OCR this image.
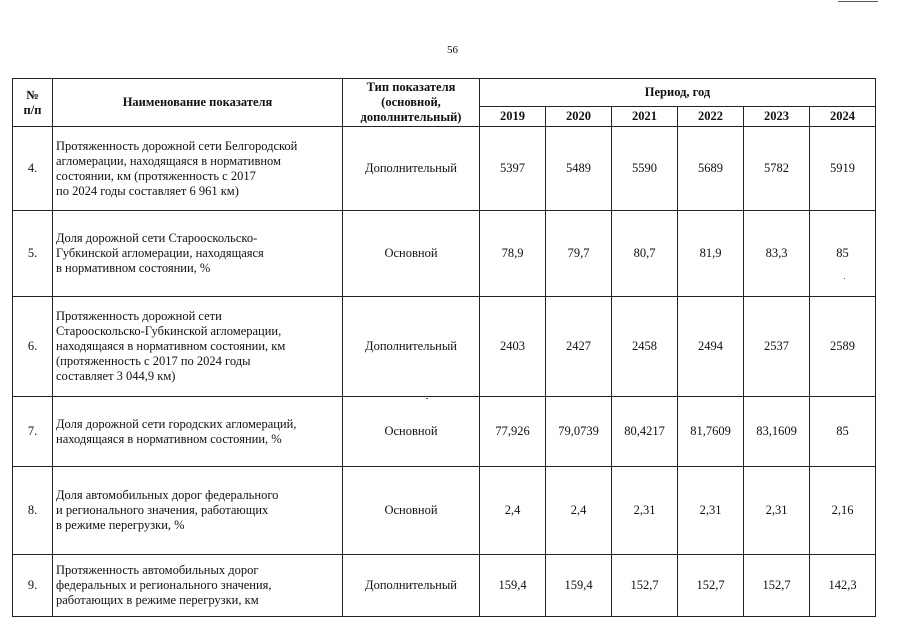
56
№
п/п	Наименование показателя	Тип показателя
(основной,
дополнительный)	Период, год					
			2019	2020	2021	2022	2023	2024
4.	Протяженность дорожной сети Белгородской
агломерации, находящаяся в нормативном
состоянии, км (протяженность с 2017
по 2024 годы составляет 6 961 км)	Дополнительный	5397	5489	5590	5689	5782	5919
5.	Доля дорожной сети Старооскольско-
Губкинской агломерации, находящаяся
в нормативном состоянии, %	Основной	78,9	79,7	80,7	81,9	83,3	85
6.	Протяженность дорожной сети
Старооскольско-Губкинской агломерации,
находящаяся в нормативном состоянии, км
(протяженность с 2017 по 2024 годы
составляет 3 044,9 км)	Дополнительный	2403	2427	2458	2494	2537	2589
7.	Доля дорожной сети городских агломераций,
находящаяся в нормативном состоянии, %	Основной	77,926	79,0739	80,4217	81,7609	83,1609	85
8.	Доля автомобильных дорог федерального
и регионального значения, работающих
в режиме перегрузки, %	Основной	2,4	2,4	2,31	2,31	2,31	2,16
9.	Протяженность автомобильных дорог
федеральных и регионального значения,
работающих в режиме перегрузки, км	Дополнительный	159,4	159,4	152,7	152,7	152,7	142,3
